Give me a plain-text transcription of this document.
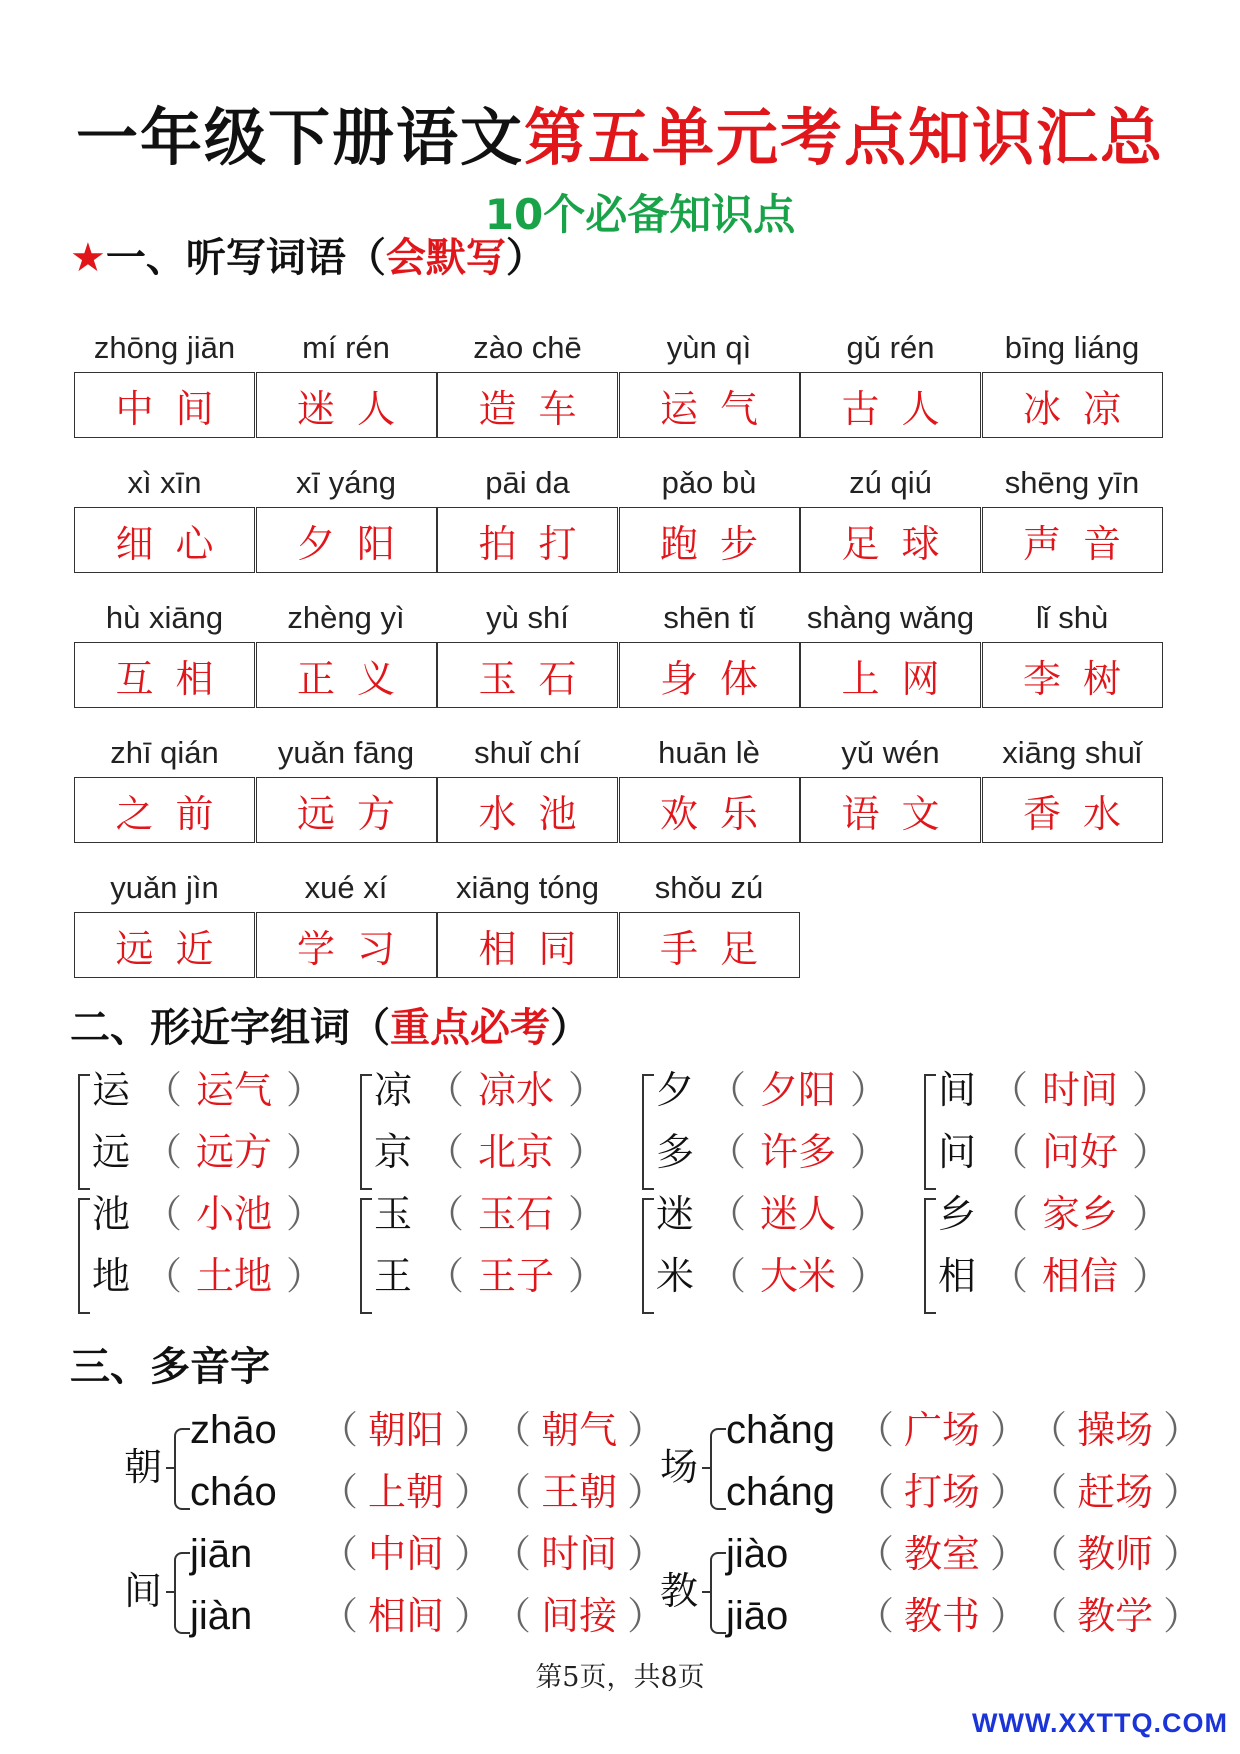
一年级下册语文第五单元考点知识汇总
10个必备知识点
★一、听写词语（会默写）
zhōng jiān
中间
mí rén
迷人
zào chē
造车
yùn qì
运气
gǔ rén
古人
bīng liáng
冰凉
xì xīn
细心
xī yáng
夕阳
pāi da
拍打
pǎo bù
跑步
zú qiú
足球
shēng yīn
声音
hù xiāng
互相
zhèng yì
正义
yù shí
玉石
shēn tǐ
身体
shàng wǎng
上网
lǐ shù
李树
zhī qián
之前
yuǎn fāng
远方
shuǐ chí
水池
huān lè
欢乐
yǔ wén
语文
xiāng shuǐ
香水
yuǎn jìn
远近
xué xí
学习
xiāng tóng
相同
shǒu zú
手足
二、形近字组词（重点必考）
运 （ 运气 ）
远 （ 远方 ）
凉 （ 凉水 ）
京 （ 北京 ）
夕 （ 夕阳 ）
多 （ 许多 ）
间 （ 时间 ）
问 （ 问好 ）
池 （ 小池 ）
地 （ 土地 ）
玉 （ 玉石 ）
王 （ 王子 ）
迷 （ 迷人 ）
米 （ 大米 ）
乡 （ 家乡 ）
相 （ 相信 ）
三、多音字
朝
zhāo （ 朝阳 ） （ 朝气 ）
cháo （ 上朝 ） （ 王朝 ）
场
chǎng （ 广场 ） （ 操场 ）
cháng （ 打场 ） （ 赶场 ）
间
jiān （ 中间 ） （ 时间 ）
jiàn （ 相间 ） （ 间接 ）
教
jiào （ 教室 ） （ 教师 ）
jiāo （ 教书 ） （ 教学 ）
第5页，共8页
WWW.XXTTQ.COM
